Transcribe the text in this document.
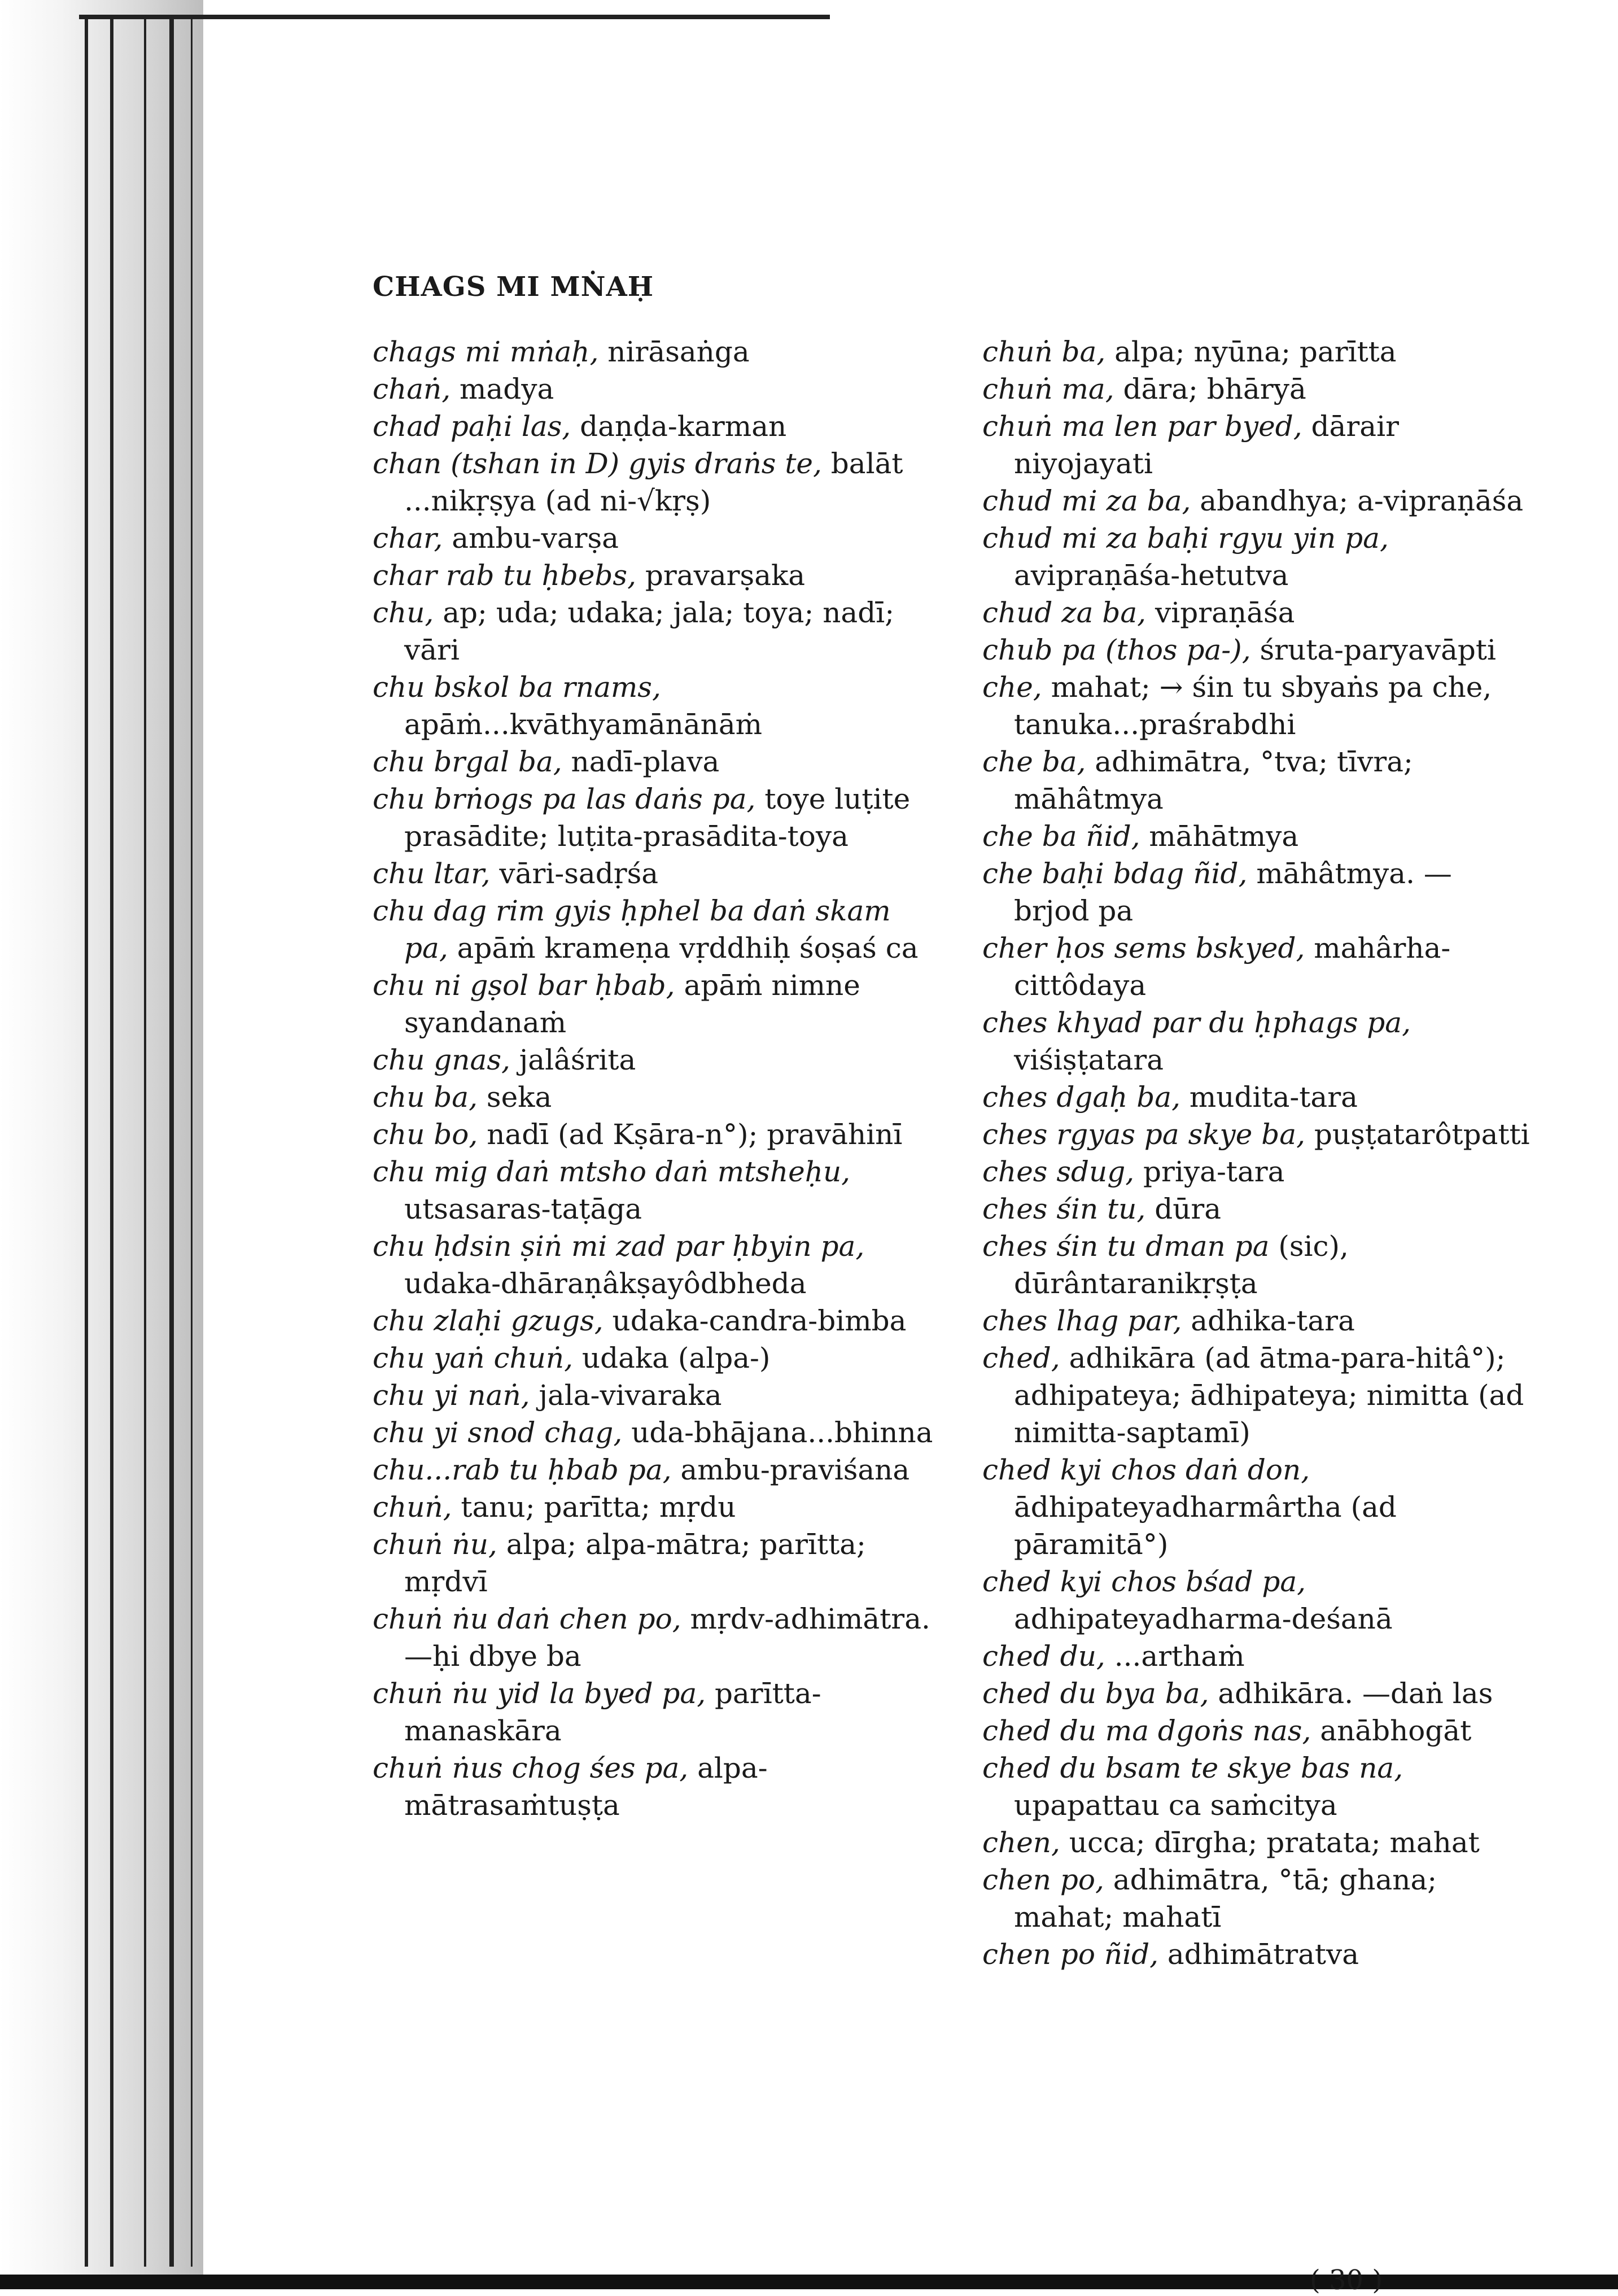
CHAGS MI MṄAḤ

chags mi mṅaḥ, nirāsaṅga

chaṅ, madya

chad paḥi las, daṇḍa-karman

chan (tshan in D) gyis draṅs te, balāt ...nikṛṣya (ad ni-√kṛṣ)

char, ambu-varṣa

char rab tu ḥbebs, pravarṣaka

chu, ap; uda; udaka; jala; toya; nadī; vāri

chu bskol ba rnams, apāṁ...kvāthyamānānāṁ

chu brgal ba, nadī-plava

chu brṅogs pa las daṅs pa, toye luṭite prasādite; luṭita-prasādita-toya

chu ltar, vāri-sadṛśa

chu dag rim gyis ḥphel ba daṅ skam pa, apāṁ krameṇa vṛddhiḥ śoṣaś ca

chu ni gṣol bar ḥbab, apāṁ nimne syandanaṁ

chu gnas, jalâśrita

chu ba, seka

chu bo, nadī (ad Kṣāra-n°); pravāhinī

chu mig daṅ mtsho daṅ mtsheḥu, utsasaras-taṭāga

chu ḥdsin ṣiṅ mi zad par ḥbyin pa, udaka-dhāraṇâkṣayôdbheda

chu zlaḥi gzugs, udaka-candra-bimba

chu yaṅ chuṅ, udaka (alpa-)

chu yi naṅ, jala-vivaraka

chu yi snod chag, uda-bhājana...bhinna

chu...rab tu ḥbab pa, ambu-praviśana

chuṅ, tanu; parītta; mṛdu

chuṅ ṅu, alpa; alpa-mātra; parītta; mṛdvī

chuṅ ṅu daṅ chen po, mṛdv-adhimātra. —ḥi dbye ba

chuṅ ṅu yid la byed pa, parītta-manaskāra

chuṅ ṅus chog śes pa, alpa-mātrasaṁtuṣṭa

chuṅ ba, alpa; nyūna; parītta

chuṅ ma, dāra; bhāryā

chuṅ ma len par byed, dārair niyojayati

chud mi za ba, abandhya; a-vipraṇāśa

chud mi za baḥi rgyu yin pa, avipraṇāśa-hetutva

chud za ba, vipraṇāśa

chub pa (thos pa-), śruta-paryavāpti

che, mahat; → śin tu sbyaṅs pa che, tanuka...praśrabdhi

che ba, adhimātra, °tva; tīvra; māhâtmya

che ba ñid, māhātmya

che baḥi bdag ñid, māhâtmya. — brjod pa

cher ḥos sems bskyed, mahârha-cittôdaya

ches khyad par du ḥphags pa, viśiṣṭatara

ches dgaḥ ba, mudita-tara

ches rgyas pa skye ba, puṣṭatarôtpatti

ches sdug, priya-tara

ches śin tu, dūra

ches śin tu dman pa (sic), dūrântaranikṛṣṭa

ches lhag par, adhika-tara

ched, adhikāra (ad ātma-para-hitâ°); adhipateya; ādhipateya; nimitta (ad nimitta-saptamī)

ched kyi chos daṅ don, ādhipateyadharmârtha (ad pāramitā°)

ched kyi chos bśad pa, adhipateyadharma-deśanā

ched du, ...arthaṁ

ched du bya ba, adhikāra. —daṅ las

ched du ma dgoṅs nas, anābhogāt

ched du bsam te skye bas na, upapattau ca saṁcitya

chen, ucca; dīrgha; pratata; mahat

chen po, adhimātra, °tā; ghana; mahat; mahatī

chen po ñid, adhimātratva

( 30 )
